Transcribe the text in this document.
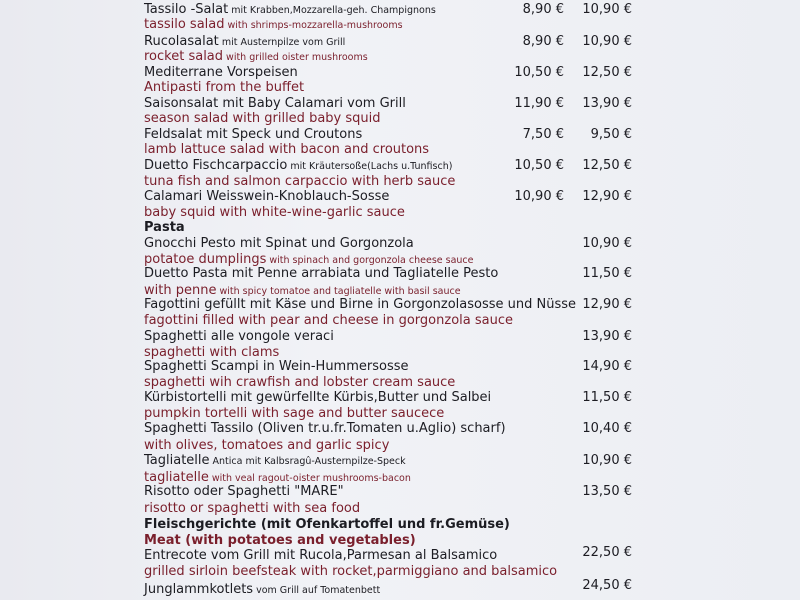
Tassilo -Salat mit Krabben,Mozzarella-geh. Champignons	8,90 € 10,90 €
tassilo salad with shrimps-mozzarella-mushrooms
Rucolasalat mit Austernpilze vom Grill	8,90 € 10,90 €
rocket salad with grilled oister mushrooms
Mediterrane Vorspeisen	10,50 € 12,50 €
Antipasti from the buffet
Saisonsalat mit Baby Calamari vom Grill	11,90 € 13,90 €
season salad with grilled baby squid
Feldsalat mit Speck und Croutons	7,50 € 9,50 €
lamb lattuce salad with bacon and croutons
Duetto Fischcarpaccio mit Kräutersoße(Lachs u.Tunfisch)	10,50 € 12,50 €
tuna fish and salmon carpaccio with herb sauce
Calamari Weisswein-Knoblauch-Sosse	10,90 € 12,90 €
baby squid with white-wine-garlic sauce
Pasta
Gnocchi Pesto mit Spinat und Gorgonzola	10,90 €
potatoe dumplings with spinach and gorgonzola cheese sauce
Duetto Pasta mit Penne arrabiata und Tagliatelle Pesto	11,50 €
with penne with spicy tomatoe and tagliatelle with basil sauce
Fagottini gefüllt mit Käse und Birne in Gorgonzolasosse und Nüsse 12,90 €
fagottini filled with pear and cheese in gorgonzola sauce
Spaghetti alle vongole veraci	13,90 €
spaghetti with clams
Spaghetti Scampi in Wein-Hummersosse	14,90 €
spaghetti wih crawfish and lobster cream sauce
Kürbistortelli mit gewürfellte Kürbis,Butter und Salbei	11,50 €
pumpkin tortelli with sage and butter saucece
Spaghetti Tassilo (Oliven tr.u.fr.Tomaten u.Aglio) scharf)	10,40 €
with olives, tomatoes and garlic spicy
Tagliatelle Antica mit Kalbsragû-Austernpilze-Speck	10,90 €
tagliatelle with veal ragout-oister mushrooms-bacon
Risotto oder Spaghetti "MARE"	13,50 €
risotto or spaghetti with sea food
Fleischgerichte (mit Ofenkartoffel und fr.Gemüse)
Meat (with potatoes and vegetables)
Entrecote vom Grill mit Rucola,Parmesan al Balsamico	22,50 €
grilled sirloin beefsteak with rocket,parmiggiano and balsamico
Junglammkotlets vom Grill auf Tomatenbett	24,50 €
